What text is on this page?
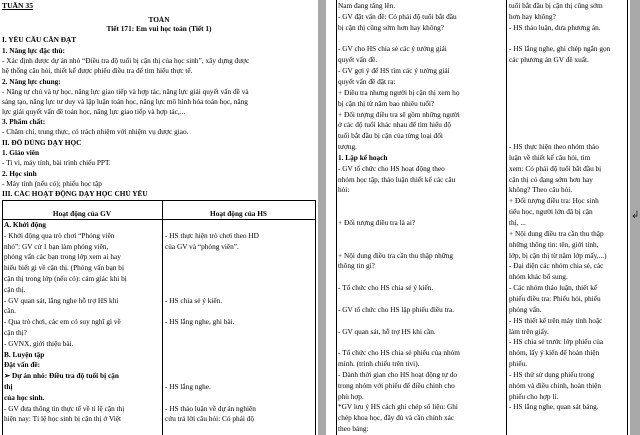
TUẦN 35
TOÁN
Tiết 171: Em vui học toán (Tiết 1)
I. YÊU CẦU CẦN ĐẠT
1. Năng lực đặc thù:
- Xác định được dự án nhỏ “Điều tra độ tuổi bị cận thị của học sinh”, xây dựng được
hệ thống câu hỏi, thiết kế được phiếu điều tra để tìm hiểu thực tế.
2. Năng lực chung:
- Năng tự chủ và tự học, năng lực giao tiếp và hợp tác, năng lực giải quyết vấn đề và
sáng tạo, năng lực tư duy và lập luận toán học, năng lực mô hình hóa toán học, năng
lực giải quyết vấn đề toán học, năng lực giao tiếp và hợp tác,...
3. Phẩm chất:
- Chăm chỉ, trung thực, có trách nhiệm với nhiệm vụ được giao.
II. ĐỒ DÙNG DẠY HỌC
1. Giáo viên
- Ti vi, máy tính, bài trình chiếu PPT.
2. Học sinh
- Máy tính (nếu có); phiếu học tập
III. CÁC HOẠT ĐỘNG DẠY HỌC CHỦ YẾU
Hoạt động của GV	Hoạt động của HS
A. Khởi động
- Khởi động qua trò chơi “Phóng viên
nhỏ”: GV cử 1 bạn làm phóng viên,
phỏng vấn các bạn trong lớp xem ai hay
hiểu biết gì về cận thị. (Phỏng vấn bạn bị
cận thị trong lớp (nếu có): cảm giác khi bị
cận thị.
- GV quan sát, lắng nghe hỗ trợ HS khi
cần.
- Qua trò chơi, các em có suy nghĩ gì về
cận thị?
- GVNX, giới thiệu bài.
B. Luyện tập
Đặt vấn đề:
➢ Dự án nhỏ: Điều tra độ tuổi bị cận
thị
của học sinh.
- GV đưa thông tin thực tế về tỉ lệ cận thị
hiện nay: Tỉ lệ học sinh bị cận thị ở Việt
- HS thực hiện trò chơi theo HD
của GV và “phỏng viên”.
- HS chia sẻ ý kiến.
- HS lắng nghe, ghi bài.
- HS lắng nghe.
- HS thảo luận về dự án nghiên
cứu trả lời câu hỏi: Có phải độ
Nam đang tăng lên.
- GV đặt vấn đề: Có phải độ tuổi bắt đầu
bị cận thị cũng sớm hơn hay không?
- GV cho HS chia sẻ các ý tưởng giải
quyết vấn đề.
- GV gợi ý để HS tìm các ý tưởng giải
quyết vấn đề đặt ra:
+ Điều tra nhưng người bị cận thị xem họ
bị cận thị từ năm bao nhiêu tuổi?
+ Đối tượng điều tra sẽ gồm những người
ở các độ tuổi khác nhau để tìm hiểu độ
tuổi bắt đầu bị cận của từng loại đối
tượng.
1. Lập kế hoạch
- GV tổ chức cho HS hoạt động theo
nhóm học tập, thảo luận thiết kế các câu
hỏi:
+ Đối tượng điều tra là ai?
+ Nội dung điều tra cần thu thập những
thông tin gì?
- Tổ chức cho HS chia sẻ ý kiến.
- GV tổ chức cho HS lập phiếu điều tra.
- GV quan sát, hỗ trợ HS khi cần.
- Tổ chức cho HS chia sẻ phiếu của nhóm
mình. (trình chiếu trên tivi).
- Dành thời gian cho HS hoạt động tự do
trong nhóm với phiếu để điều chỉnh cho
phù hợp.
*GV lưu ý HS cách ghi chép số liệu: Ghi
chép khoa học, đầy đủ và cần chính xác
theo bảng:
tuổi bắt đầu bị cận thị cũng sớm
hơn hay không?
- HS thảo luận, đưa phương án.
- HS lắng nghe, ghi chép ngắn gọn
các phương án GV đề xuất.
- HS thực hiện theo nhóm thảo
luận về thiết kế câu hỏi, tìm
xem: Có phải độ tuổi bắt đầu bị
cận thị có đang sớm hơn hay
không? Theo câu hỏi.
+ Đối tượng điều tra: Học sinh
tiểu học, người lớn đã bị cận
thị, ...
+ Nội dung điều tra cần thu thập
những thông tin: tên, giới tính,
lớp, bị cận thị từ năm lớp mấy,...)
- Đại diện các nhóm chia sẻ, các
nhóm khác bổ sung.
- Các nhóm thảo luận, thiết kế
phiếu điều tra: Phiếu hỏi, phiếu
phỏng vấn.
- HS thiết kế trên máy tính hoặc
làm trên giấy.
- HS chia sẻ trước lớp phiếu của
nhóm, lấy ý kiến để hoàn thiện
phiếu.
- HS thử sử dụng phiếu trong
nhóm và điều chỉnh, hoàn thiện
phiếu cho hợp lí.
- HS lắng nghe, quan sát bảng.
↲
